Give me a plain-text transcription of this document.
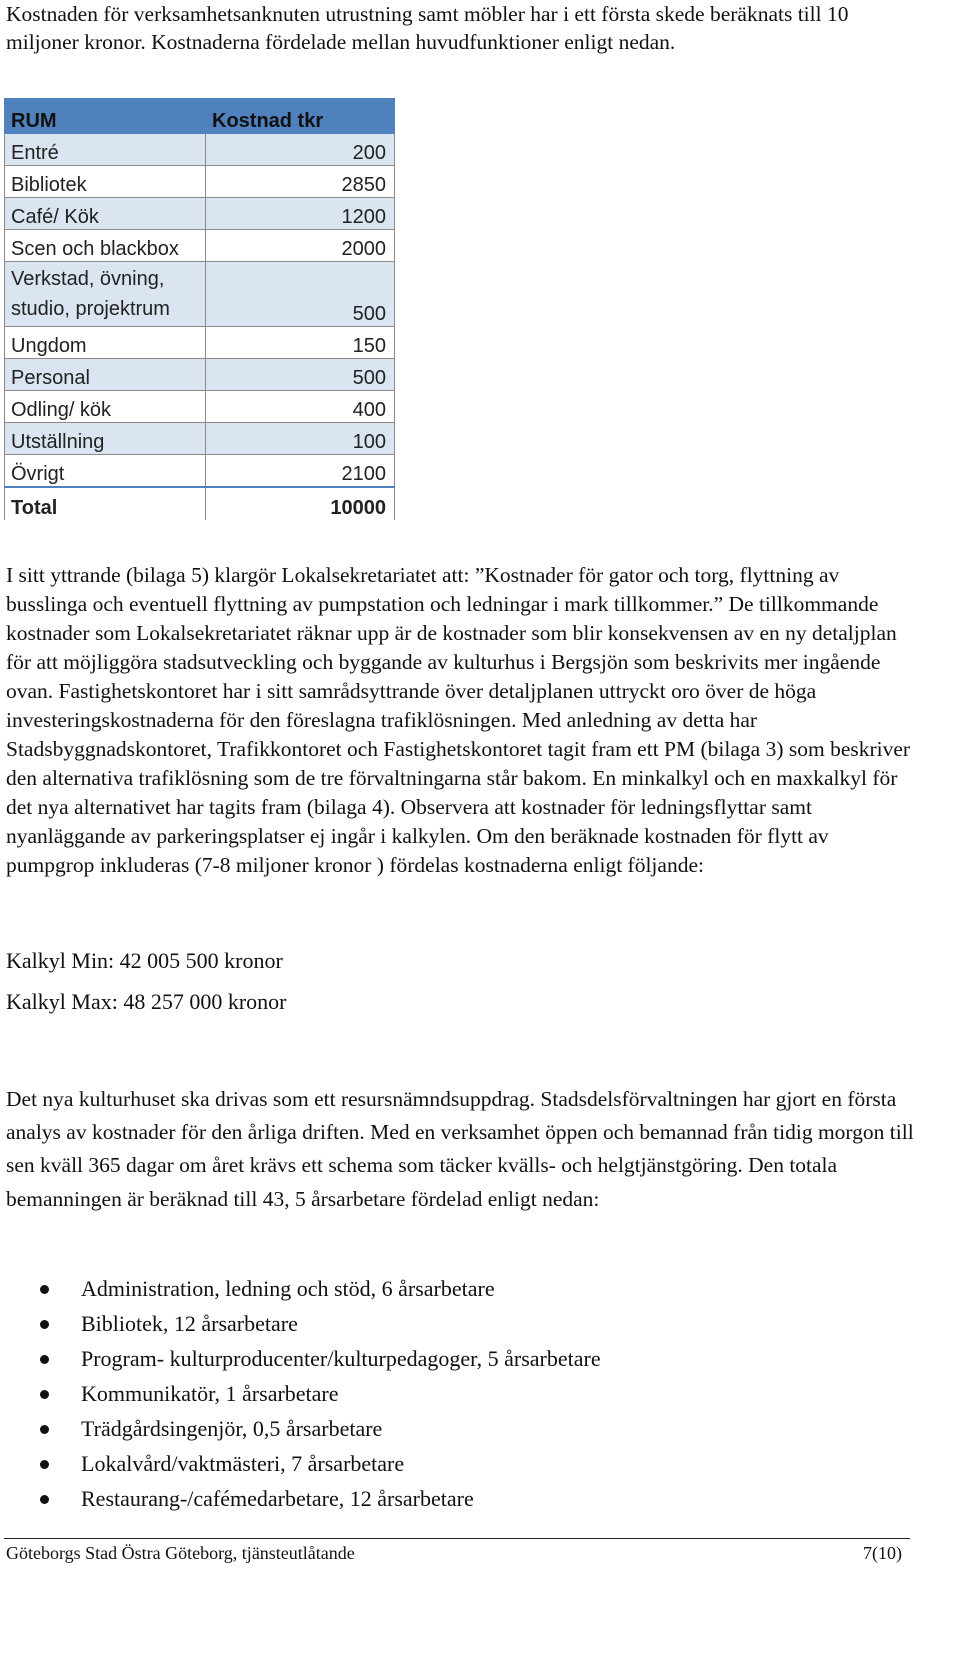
Kostnaden för verksamhetsanknuten utrustning samt möbler har i ett första skede beräknats till 10 miljoner kronor. Kostnaderna fördelade mellan huvudfunktioner enligt nedan.

RUM	Kostnad tkr
Entré	200
Bibliotek	2850
Café/ Kök	1200
Scen och blackbox	2000
Verkstad, övning, studio, projektrum	500
Ungdom	150
Personal	500
Odling/ kök	400
Utställning	100
Övrigt	2100
Total	10000

I sitt yttrande (bilaga 5) klargör Lokalsekretariatet att: ”Kostnader för gator och torg, flyttning av busslinga och eventuell flyttning av pumpstation och ledningar i mark tillkommer.” De tillkommande kostnader som Lokalsekretariatet räknar upp är de kostnader som blir konsekvensen av en ny detaljplan för att möjliggöra stadsutveckling och byggande av kulturhus i Bergsjön som beskrivits mer ingående ovan. Fastighetskontoret har i sitt samrådsyttrande över detaljplanen uttryckt oro över de höga investeringskostnaderna för den föreslagna trafiklösningen. Med anledning av detta har Stadsbyggnadskontoret, Trafikkontoret och Fastighetskontoret tagit fram ett PM (bilaga 3) som beskriver den alternativa trafiklösning som de tre förvaltningarna står bakom. En minkalkyl och en maxkalkyl för det nya alternativet har tagits fram (bilaga 4). Observera att kostnader för ledningsflyttar samt nyanläggande av parkeringsplatser ej ingår i kalkylen. Om den beräknade kostnaden för flytt av pumpgrop inkluderas (7-8 miljoner kronor ) fördelas kostnaderna enligt följande:

Kalkyl Min: 42 005 500 kronor

Kalkyl Max: 48 257 000 kronor

Det nya kulturhuset ska drivas som ett resursnämndsuppdrag. Stadsdelsförvaltningen har gjort en första analys av kostnader för den årliga driften. Med en verksamhet öppen och bemannad från tidig morgon till sen kväll 365 dagar om året krävs ett schema som täcker kvälls- och helgtjänstgöring. Den totala bemanningen är beräknad till 43, 5 årsarbetare fördelad enligt nedan:

Administration, ledning och stöd, 6 årsarbetare
Bibliotek, 12 årsarbetare
Program- kulturproducenter/kulturpedagoger, 5 årsarbetare
Kommunikatör, 1 årsarbetare
Trädgårdsingenjör, 0,5 årsarbetare
Lokalvård/vaktmästeri, 7 årsarbetare
Restaurang-/cafémedarbetare, 12 årsarbetare

Göteborgs Stad Östra Göteborg, tjänsteutlåtande	7(10)
